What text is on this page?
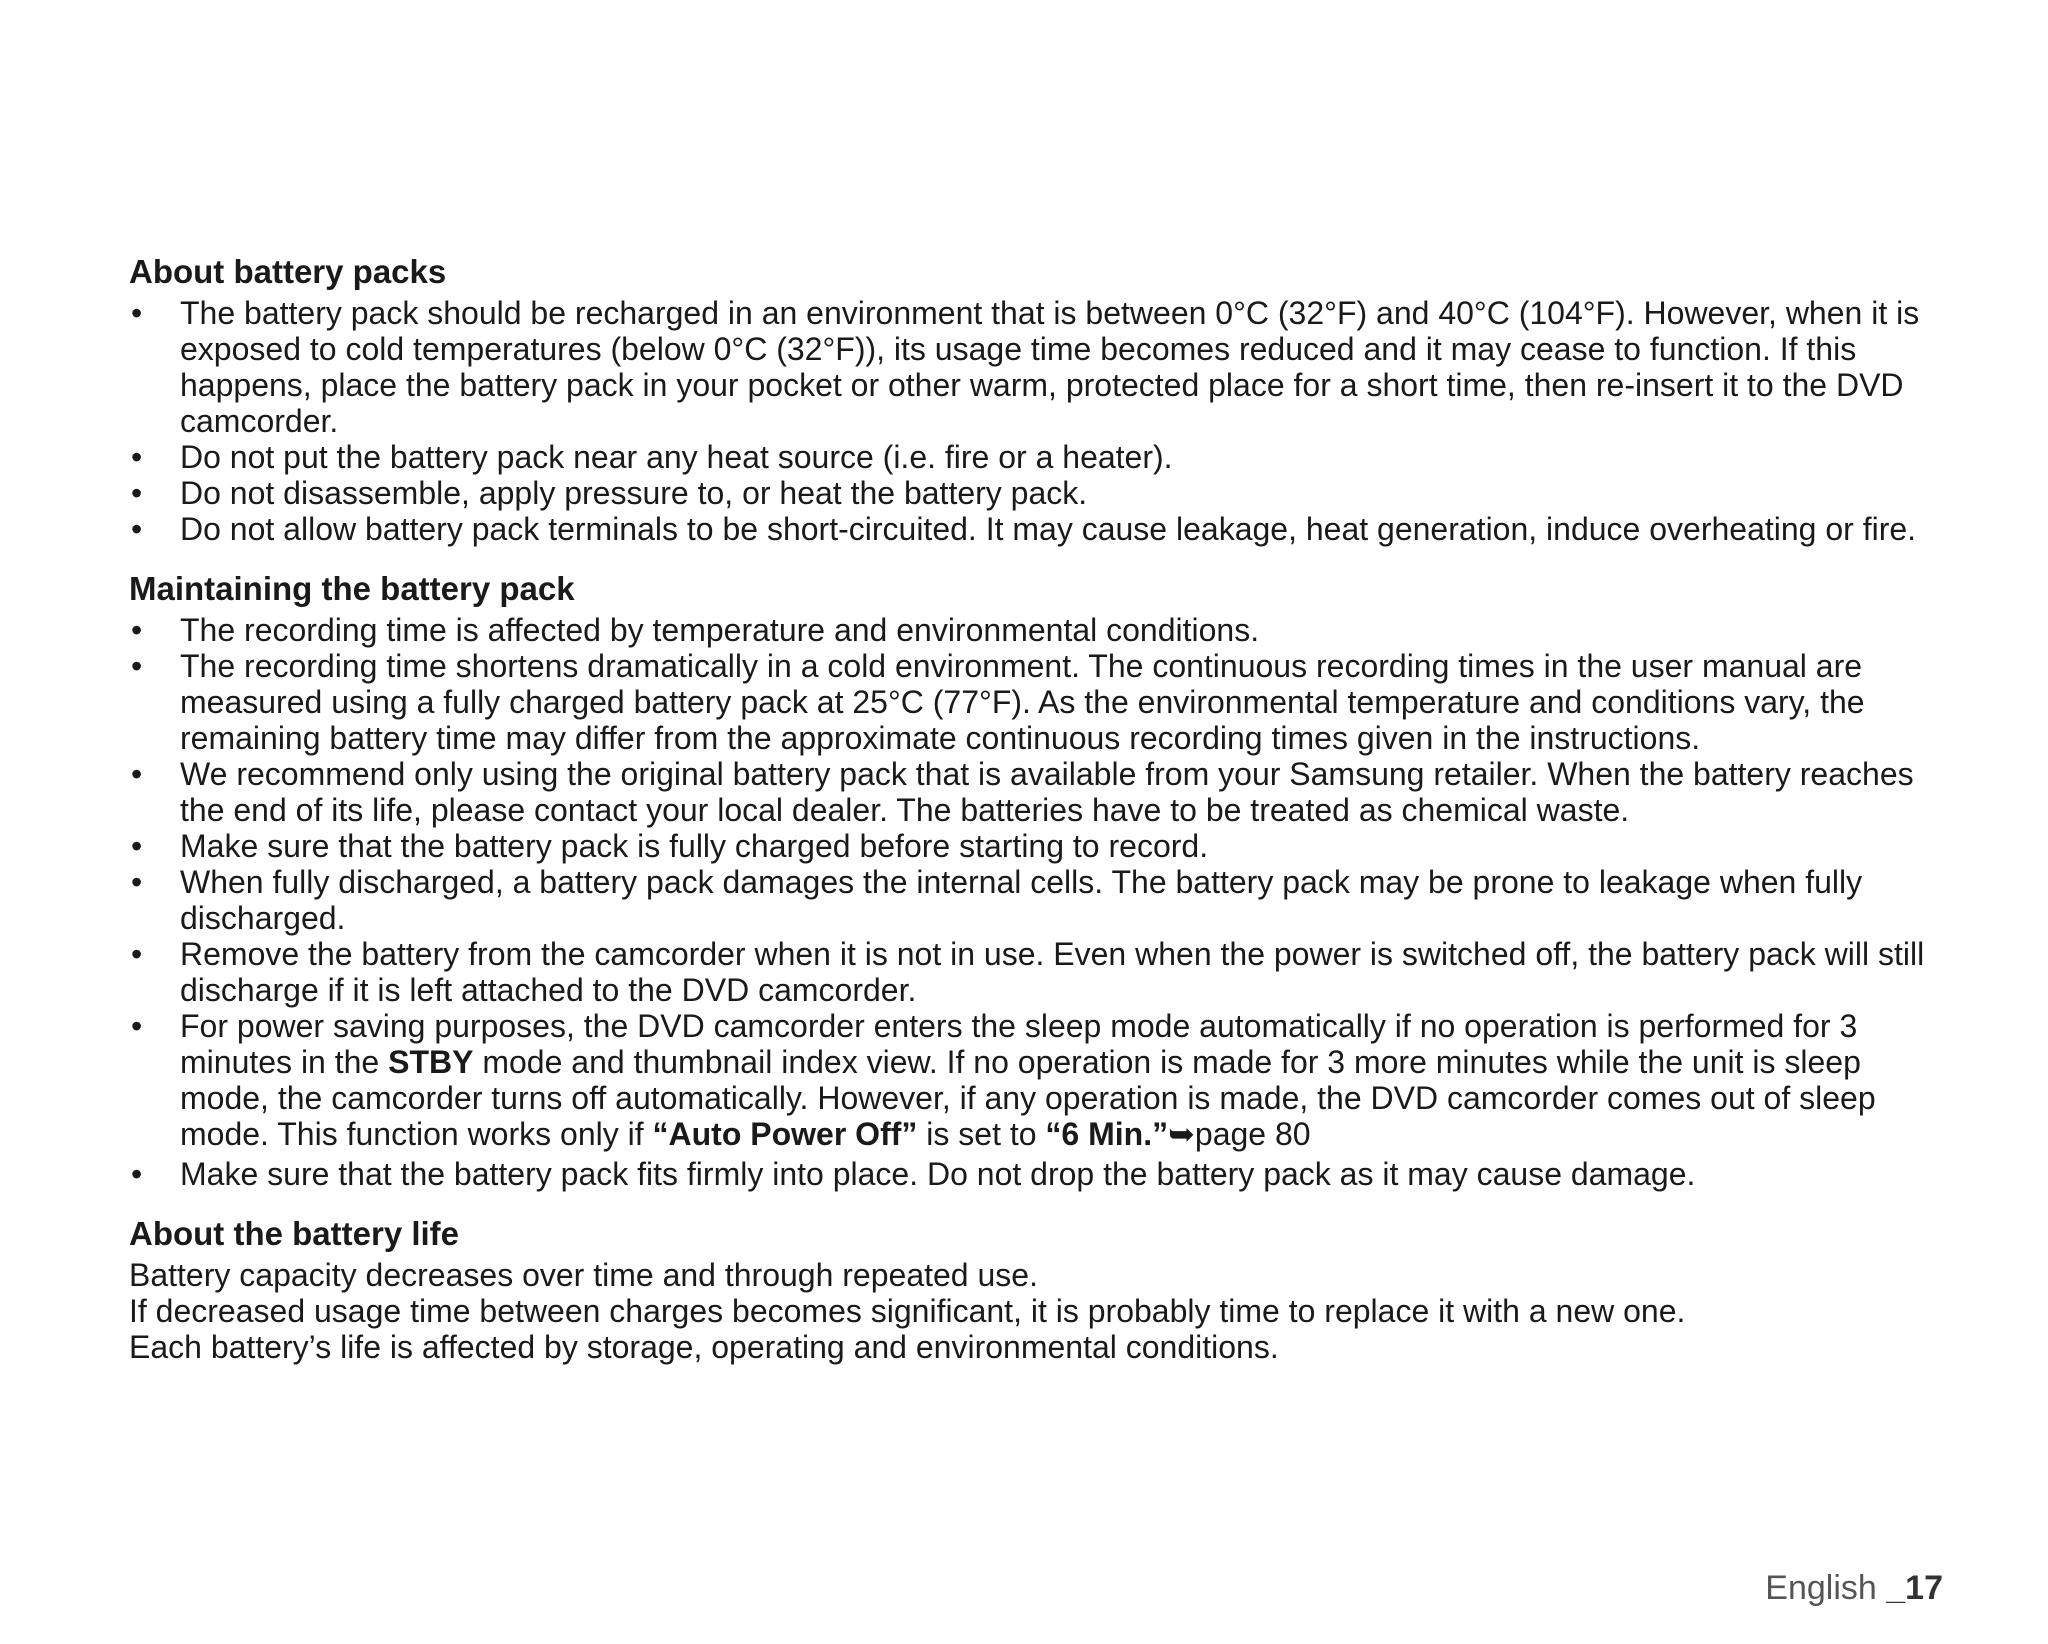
About battery packs
• The battery pack should be recharged in an environment that is between 0°C (32°F) and 40°C (104°F). However, when it is exposed to cold temperatures (below 0°C (32°F)), its usage time becomes reduced and it may cease to function. If this happens, place the battery pack in your pocket or other warm, protected place for a short time, then re-insert it to the DVD camcorder.
• Do not put the battery pack near any heat source (i.e. fire or a heater).
• Do not disassemble, apply pressure to, or heat the battery pack.
• Do not allow battery pack terminals to be short-circuited. It may cause leakage, heat generation, induce overheating or fire.
Maintaining the battery pack
• The recording time is affected by temperature and environmental conditions.
• The recording time shortens dramatically in a cold environment. The continuous recording times in the user manual are measured using a fully charged battery pack at 25°C (77°F). As the environmental temperature and conditions vary, the remaining battery time may differ from the approximate continuous recording times given in the instructions.
• We recommend only using the original battery pack that is available from your Samsung retailer. When the battery reaches the end of its life, please contact your local dealer. The batteries have to be treated as chemical waste.
• Make sure that the battery pack is fully charged before starting to record.
• When fully discharged, a battery pack damages the internal cells. The battery pack may be prone to leakage when fully discharged.
• Remove the battery from the camcorder when it is not in use. Even when the power is switched off, the battery pack will still discharge if it is left attached to the DVD camcorder.
• For power saving purposes, the DVD camcorder enters the sleep mode automatically if no operation is performed for 3 minutes in the STBY mode and thumbnail index view. If no operation is made for 3 more minutes while the unit is sleep mode, the camcorder turns off automatically. However, if any operation is made, the DVD camcorder comes out of sleep mode. This function works only if “Auto Power Off” is set to “6 Min.”➥page 80
• Make sure that the battery pack fits firmly into place. Do not drop the battery pack as it may cause damage.
About the battery life

Battery capacity decreases over time and through repeated use.

If decreased usage time between charges becomes significant, it is probably time to replace it with a new one.

Each battery’s life is affected by storage, operating and environmental conditions.

English _17
